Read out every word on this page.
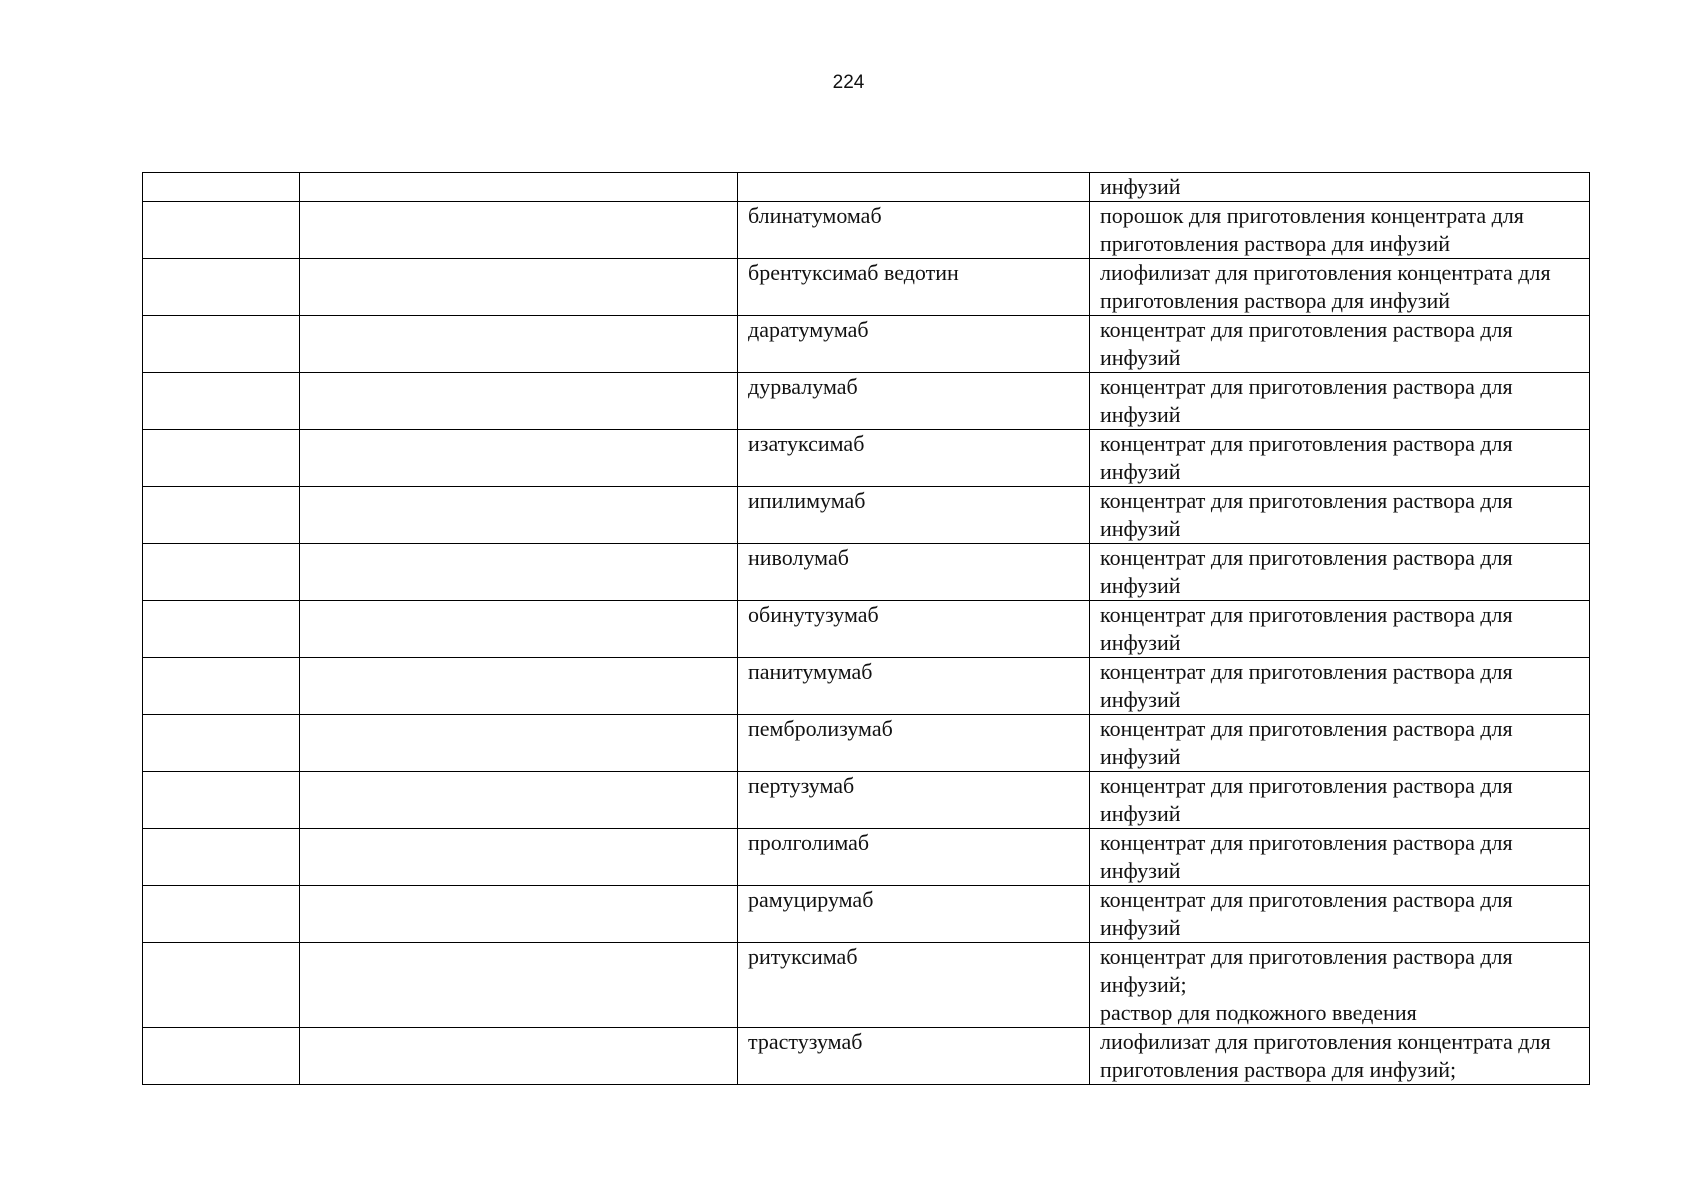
224

			инфузий

		блинатумомаб	порошок для приготовления концентрата для приготовления раствора для инфузий

		брентуксимаб ведотин	лиофилизат для приготовления концентрата для приготовления раствора для инфузий

		даратумумаб	концентрат для приготовления раствора для инфузий

		дурвалумаб	концентрат для приготовления раствора для инфузий

		изатуксимаб	концентрат для приготовления раствора для инфузий

		ипилимумаб	концентрат для приготовления раствора для инфузий

		ниволумаб	концентрат для приготовления раствора для инфузий

		обинутузумаб	концентрат для приготовления раствора для инфузий

		панитумумаб	концентрат для приготовления раствора для инфузий

		пембролизумаб	концентрат для приготовления раствора для инфузий

		пертузумаб	концентрат для приготовления раствора для инфузий

		пролголимаб	концентрат для приготовления раствора для инфузий

		рамуцирумаб	концентрат для приготовления раствора для инфузий

		ритуксимаб	концентрат для приготовления раствора для инфузий;
раствор для подкожного введения

		трастузумаб	лиофилизат для приготовления концентрата для приготовления раствора для инфузий;
